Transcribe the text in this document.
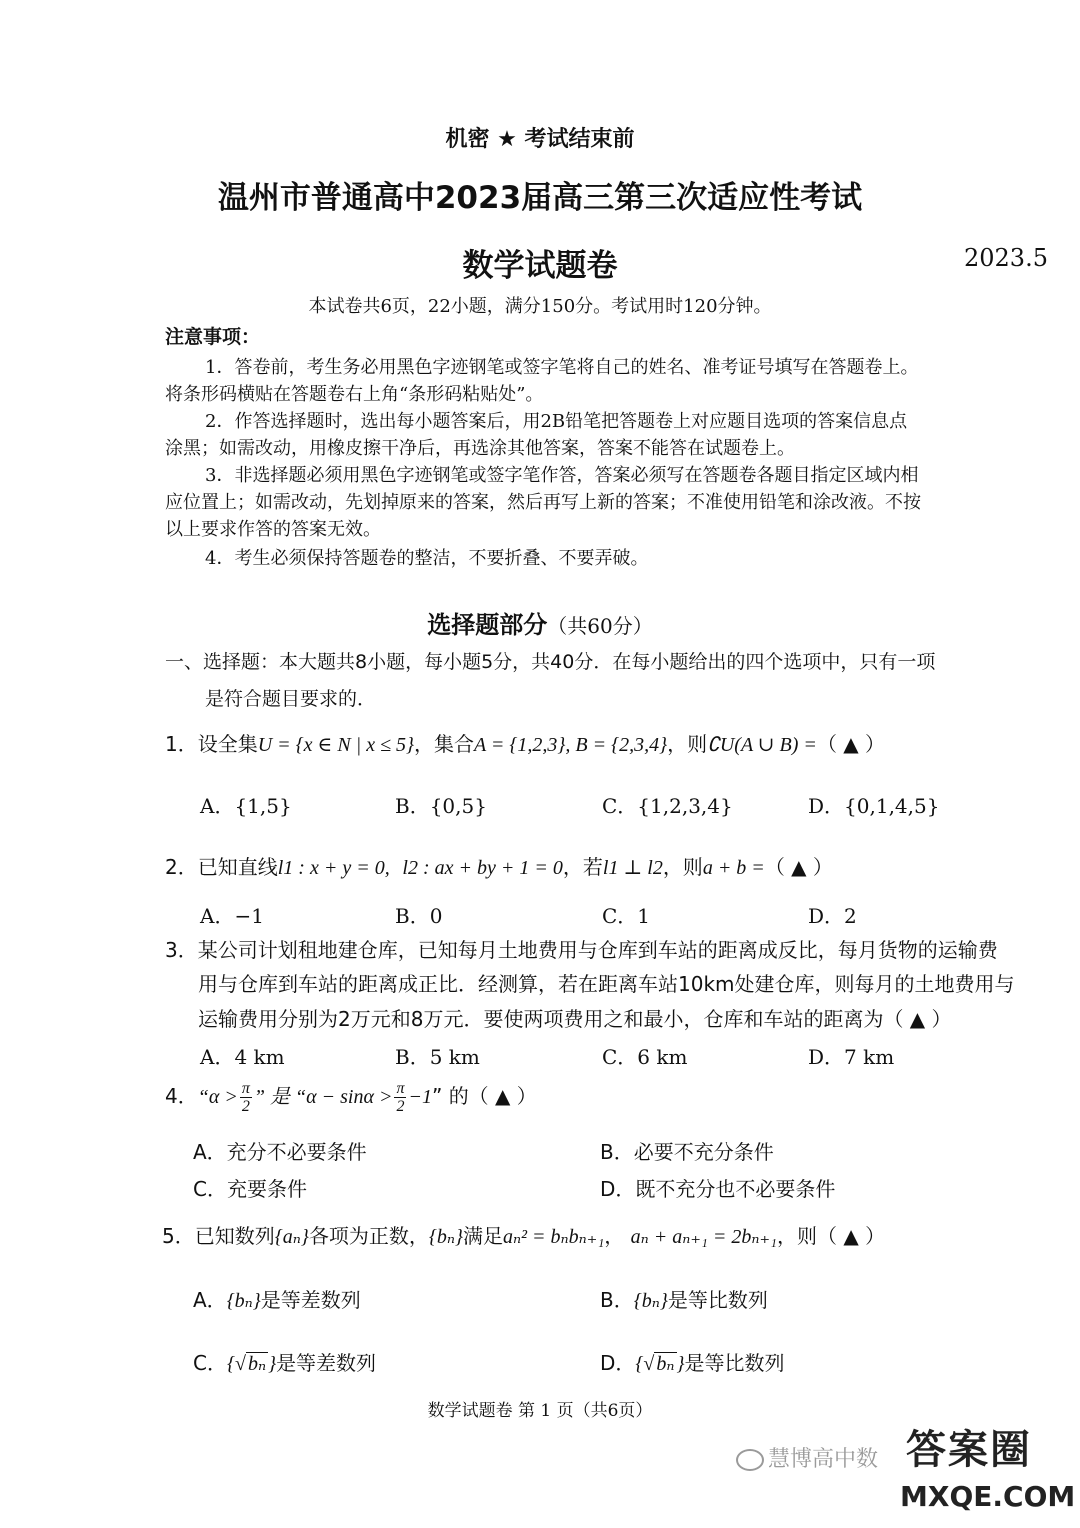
机密 ★ 考试结束前
温州市普通高中2023届高三第三次适应性考试
数学试题卷	2023.5
本试卷共6页，22小题，满分150分。考试用时120分钟。
注意事项：
1．答卷前，考生务必用黑色字迹钢笔或签字笔将自己的姓名、准考证号填写在答题卷上。
将条形码横贴在答题卷右上角“条形码粘贴处”。
2．作答选择题时，选出每小题答案后，用2B铅笔把答题卷上对应题目选项的答案信息点
涂黑；如需改动，用橡皮擦干净后，再选涂其他答案，答案不能答在试题卷上。
3．非选择题必须用黑色字迹钢笔或签字笔作答，答案必须写在答题卷各题目指定区域内相
应位置上；如需改动，先划掉原来的答案，然后再写上新的答案；不准使用铅笔和涂改液。不按
以上要求作答的答案无效。
4．考生必须保持答题卷的整洁，不要折叠、不要弄破。
选择题部分（共60分）
一、选择题：本大题共8小题，每小题5分，共40分．在每小题给出的四个选项中，只有一项
是符合题目要求的．
1．设全集U = {x ∈ N | x ≤ 5}，集合A = {1,2,3}, B = {2,3,4}，则∁U(A ∪ B) =（ ▲ ）
A．{1,5}	B．{0,5}	C．{1,2,3,4}	D．{0,1,4,5}
2．已知直线l1 : x + y = 0, l2 : ax + by + 1 = 0，若l1 ⊥ l2，则a + b =（ ▲ ）
A．−1	B．0	C．1	D．2
3．某公司计划租地建仓库，已知每月土地费用与仓库到车站的距离成反比，每月货物的运输费
用与仓库到车站的距离成正比．经测算，若在距离车站10km处建仓库，则每月的土地费用与
运输费用分别为2万元和8万元．要使两项费用之和最小，仓库和车站的距离为（ ▲ ）
A．4 km	B．5 km	C．6 km	D．7 km
4．“$\alpha > \frac{\pi}{2}$ ” 是 “$\alpha - \sin\alpha > \frac{\pi}{2} -1$” 的（ ▲ ）
A．充分不必要条件	B．必要不充分条件
C．充要条件	D．既不充分也不必要条件
5．已知数列{aₙ}各项为正数，{bₙ}满足aₙ² = bₙbₙ₊₁， aₙ + aₙ₊₁ = 2bₙ₊₁，则（ ▲ ）
A．{bₙ}是等差数列	B．{bₙ}是等比数列
C．{√ bₙ }是等差数列	D．{√ bₙ }是等比数列
数学试题卷 第 1 页（共6页）
慧博高中数 答案圈
MXQE.COM
